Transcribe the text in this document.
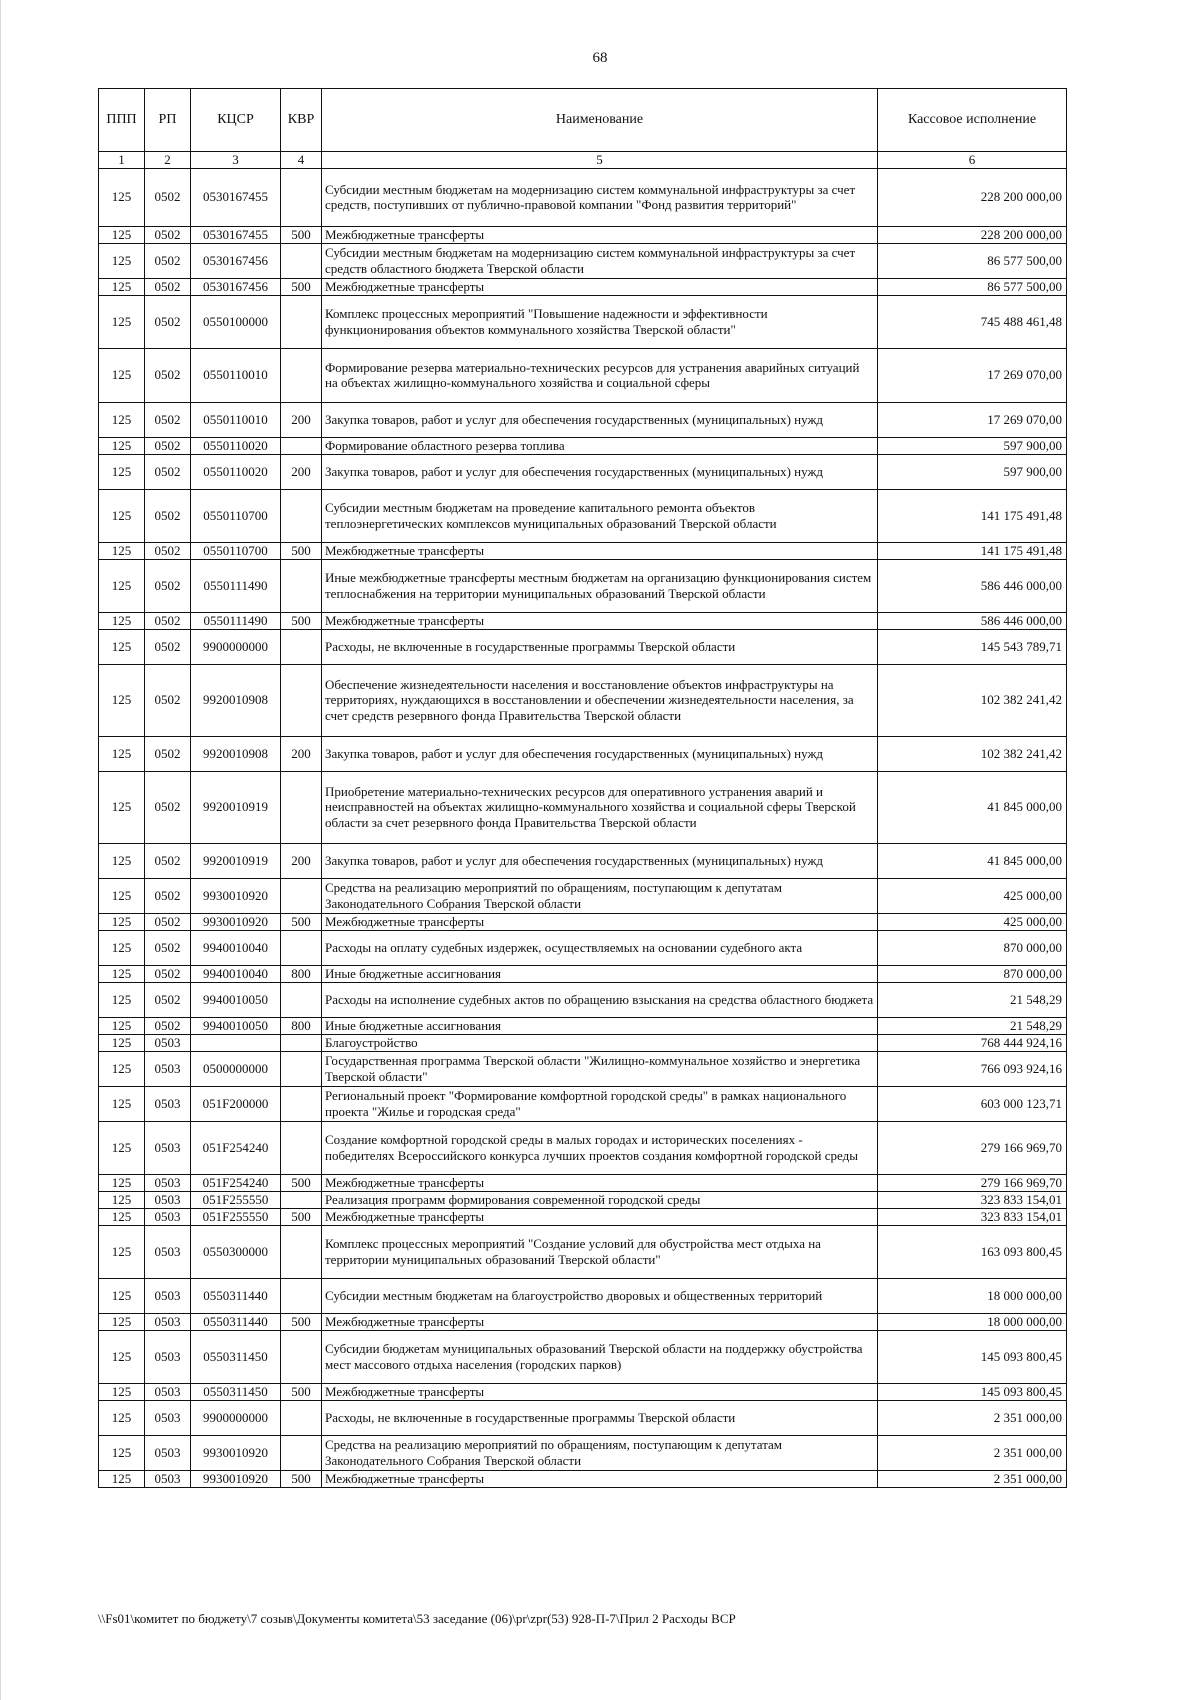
68
ППП	РП	КЦСР	КВР	Наименование	Кассовое исполнение
1	2	3	4	5	6
125	0502	0530167455		Субсидии местным бюджетам на модернизацию систем коммунальной инфраструктуры за счет средств, поступивших от публично-правовой компании "Фонд развития территорий"	228 200 000,00
125	0502	0530167455	500	Межбюджетные трансферты	228 200 000,00
125	0502	0530167456		Субсидии местным бюджетам на модернизацию систем коммунальной инфраструктуры за счет средств областного бюджета Тверской области	86 577 500,00
125	0502	0530167456	500	Межбюджетные трансферты	86 577 500,00
125	0502	0550100000		Комплекс процессных мероприятий "Повышение надежности и эффективности функционирования объектов коммунального хозяйства Тверской области"	745 488 461,48
125	0502	0550110010		Формирование резерва материально-технических ресурсов для устранения аварийных ситуаций на объектах жилищно-коммунального хозяйства и социальной сферы	17 269 070,00
125	0502	0550110010	200	Закупка товаров, работ и услуг для обеспечения государственных (муниципальных) нужд	17 269 070,00
125	0502	0550110020		Формирование областного резерва топлива	597 900,00
125	0502	0550110020	200	Закупка товаров, работ и услуг для обеспечения государственных (муниципальных) нужд	597 900,00
125	0502	0550110700		Субсидии местным бюджетам на проведение капитального ремонта объектов теплоэнергетических комплексов муниципальных образований Тверской области	141 175 491,48
125	0502	0550110700	500	Межбюджетные трансферты	141 175 491,48
125	0502	0550111490		Иные межбюджетные трансферты местным бюджетам на организацию функционирования систем теплоснабжения на территории муниципальных образований Тверской области	586 446 000,00
125	0502	0550111490	500	Межбюджетные трансферты	586 446 000,00
125	0502	9900000000		Расходы, не включенные в государственные программы Тверской области	145 543 789,71
125	0502	9920010908		Обеспечение жизнедеятельности населения и восстановление объектов инфраструктуры на территориях, нуждающихся в восстановлении и обеспечении жизнедеятельности населения, за счет средств резервного фонда Правительства Тверской области	102 382 241,42
125	0502	9920010908	200	Закупка товаров, работ и услуг для обеспечения государственных (муниципальных) нужд	102 382 241,42
125	0502	9920010919		Приобретение материально-технических ресурсов для оперативного устранения аварий и неисправностей на объектах жилищно-коммунального хозяйства и социальной сферы Тверской области за счет резервного фонда Правительства Тверской области	41 845 000,00
125	0502	9920010919	200	Закупка товаров, работ и услуг для обеспечения государственных (муниципальных) нужд	41 845 000,00
125	0502	9930010920		Средства на реализацию мероприятий по обращениям, поступающим к депутатам Законодательного Собрания Тверской области	425 000,00
125	0502	9930010920	500	Межбюджетные трансферты	425 000,00
125	0502	9940010040		Расходы на оплату судебных издержек, осуществляемых на основании судебного акта	870 000,00
125	0502	9940010040	800	Иные бюджетные ассигнования	870 000,00
125	0502	9940010050		Расходы на исполнение судебных актов по обращению взыскания на средства областного бюджета	21 548,29
125	0502	9940010050	800	Иные бюджетные ассигнования	21 548,29
125	0503			Благоустройство	768 444 924,16
125	0503	0500000000		Государственная программа Тверской области "Жилищно-коммунальное хозяйство и энергетика Тверской области"	766 093 924,16
125	0503	051F200000		Региональный проект "Формирование комфортной городской среды" в рамках национального проекта "Жилье и городская среда"	603 000 123,71
125	0503	051F254240		Создание комфортной городской среды в малых городах и исторических поселениях - победителях Всероссийского конкурса лучших проектов создания комфортной городской среды	279 166 969,70
125	0503	051F254240	500	Межбюджетные трансферты	279 166 969,70
125	0503	051F255550		Реализация программ формирования современной городской среды	323 833 154,01
125	0503	051F255550	500	Межбюджетные трансферты	323 833 154,01
125	0503	0550300000		Комплекс процессных мероприятий "Создание условий для обустройства мест отдыха на территории муниципальных образований Тверской области"	163 093 800,45
125	0503	0550311440		Субсидии местным бюджетам на благоустройство дворовых и общественных территорий	18 000 000,00
125	0503	0550311440	500	Межбюджетные трансферты	18 000 000,00
125	0503	0550311450		Субсидии бюджетам муниципальных образований Тверской области на поддержку обустройства мест массового отдыха населения (городских парков)	145 093 800,45
125	0503	0550311450	500	Межбюджетные трансферты	145 093 800,45
125	0503	9900000000		Расходы, не включенные в государственные программы Тверской области	2 351 000,00
125	0503	9930010920		Средства на реализацию мероприятий по обращениям, поступающим к депутатам Законодательного Собрания Тверской области	2 351 000,00
125	0503	9930010920	500	Межбюджетные трансферты	2 351 000,00
\\Fs01\комитет по бюджету\7 созыв\Документы комитета\53 заседание (06)\pr\zpr(53) 928-П-7\Прил 2 Расходы ВСР
